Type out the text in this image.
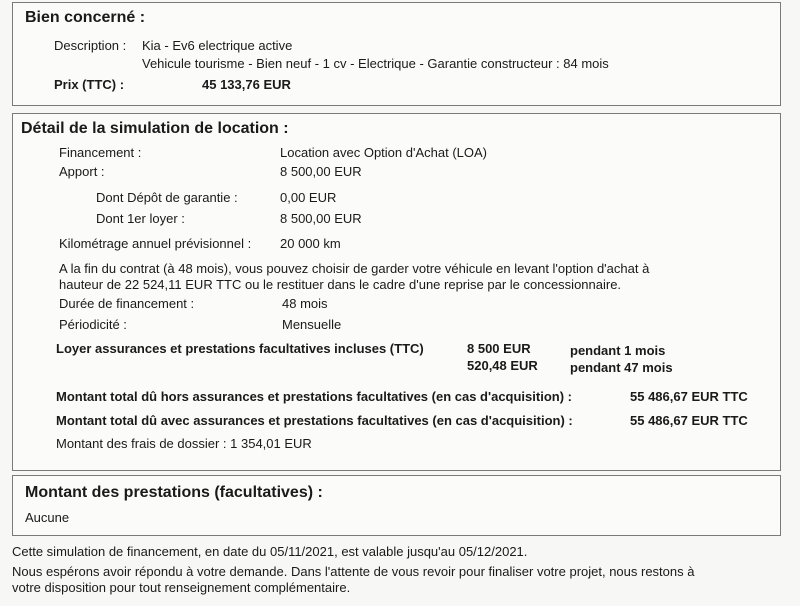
Bien concerné :
Description : Kia - Ev6 electrique active
Vehicule tourisme - Bien neuf - 1 cv - Electrique - Garantie constructeur : 84 mois
Prix (TTC) :	45 133,76 EUR
Détail de la simulation de location :
Financement :	Location avec Option d'Achat (LOA)
Apport :	8 500,00 EUR
Dont Dépôt de garantie :	0,00 EUR
Dont 1er loyer :	8 500,00 EUR
Kilométrage annuel prévisionnel : 20 000 km
A la fin du contrat (à 48 mois), vous pouvez choisir de garder votre véhicule en levant l'option d'achat à
hauteur de 22 524,11 EUR TTC ou le restituer dans le cadre d'une reprise par le concessionnaire.
Durée de financement :	48 mois
Périodicité :	Mensuelle
Loyer assurances et prestations facultatives incluses (TTC)	8 500 EUR	pendant 1 mois
520,48 EUR pendant 47 mois
Montant total dû hors assurances et prestations facultatives (en cas d'acquisition) :	55 486,67 EUR TTC
Montant total dû avec assurances et prestations facultatives (en cas d'acquisition) :	55 486,67 EUR TTC
Montant des frais de dossier : 1 354,01 EUR
Montant des prestations (facultatives) :
Aucune
Cette simulation de financement, en date du 05/11/2021, est valable jusqu'au 05/12/2021.
Nous espérons avoir répondu à votre demande. Dans l'attente de vous revoir pour finaliser votre projet, nous restons à
votre disposition pour tout renseignement complémentaire.
